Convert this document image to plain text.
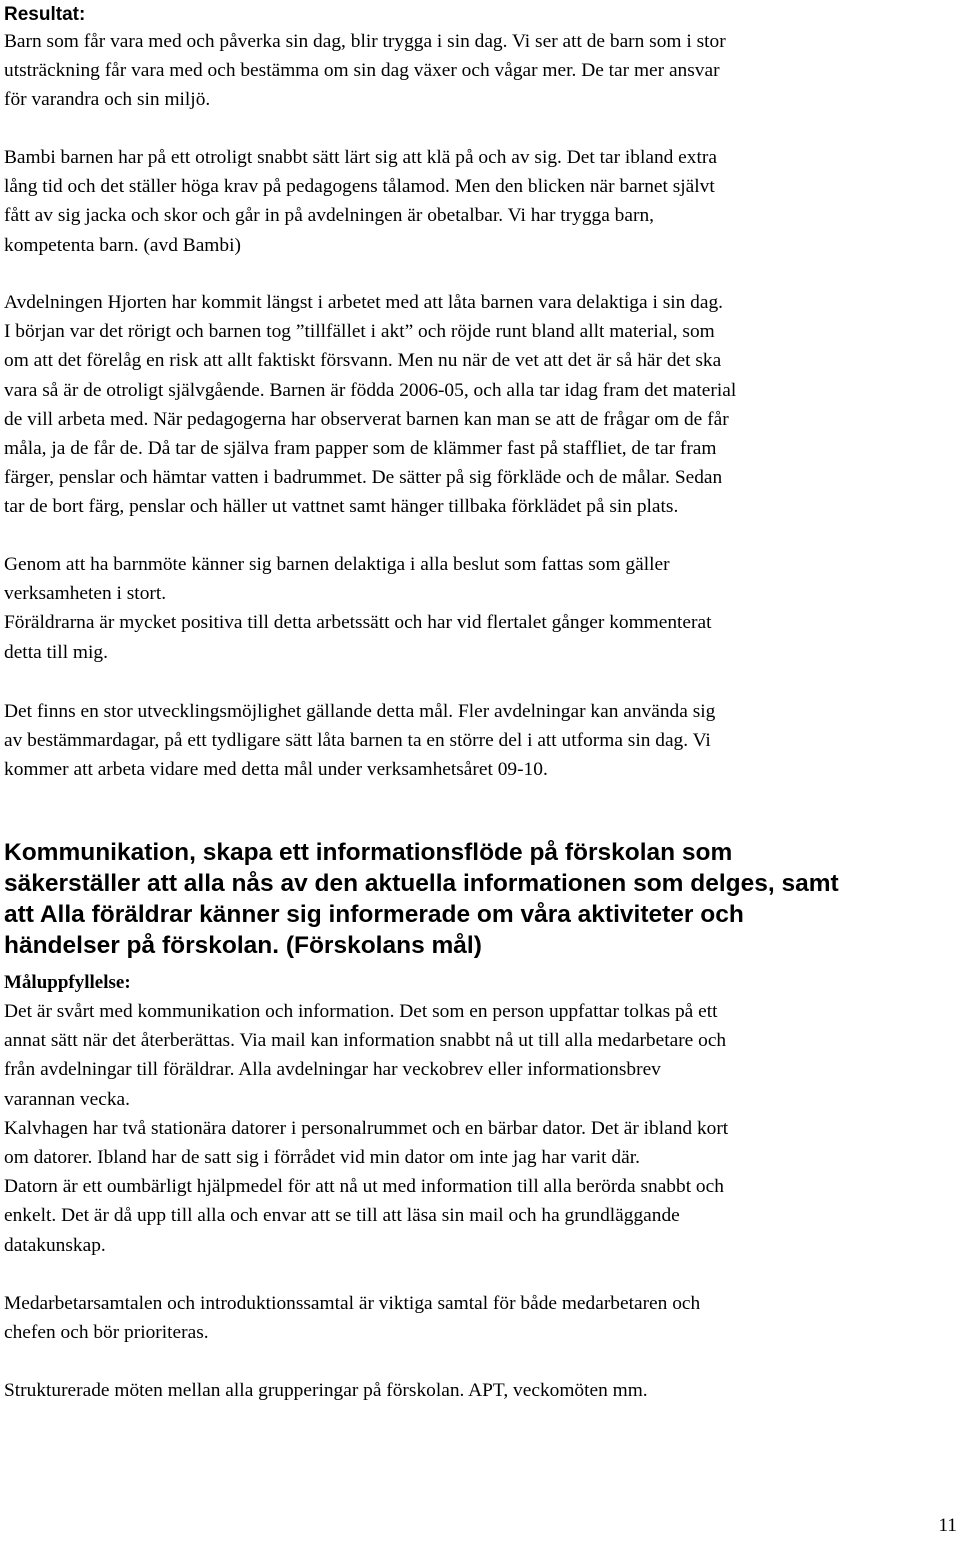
Resultat:
Barn som får vara med och påverka sin dag, blir trygga i sin dag. Vi ser att de barn som i stor
utsträckning får vara med och bestämma om sin dag växer och vågar mer. De tar mer ansvar
för varandra och sin miljö.
Bambi barnen har på ett otroligt snabbt sätt lärt sig att klä på och av sig. Det tar ibland extra
lång tid och det ställer höga krav på pedagogens tålamod. Men den blicken när barnet självt
fått av sig jacka och skor och går in på avdelningen är obetalbar. Vi har trygga barn,
kompetenta barn. (avd Bambi)
Avdelningen Hjorten har kommit längst i arbetet med att låta barnen vara delaktiga i sin dag.
I början var det rörigt och barnen tog ”tillfället i akt” och röjde runt bland allt material, som
om att det förelåg en risk att allt faktiskt försvann. Men nu när de vet att det är så här det ska
vara så är de otroligt självgående. Barnen är födda 2006-05, och alla tar idag fram det material
de vill arbeta med. När pedagogerna har observerat barnen kan man se att de frågar om de får
måla, ja de får de. Då tar de själva fram papper som de klämmer fast på staffliet, de tar fram
färger, penslar och hämtar vatten i badrummet. De sätter på sig förkläde och de målar. Sedan
tar de bort färg, penslar och häller ut vattnet samt hänger tillbaka förklädet på sin plats.
Genom att ha barnmöte känner sig barnen delaktiga i alla beslut som fattas som gäller
verksamheten i stort.
Föräldrarna är mycket positiva till detta arbetssätt och har vid flertalet gånger kommenterat
detta till mig.
Det finns en stor utvecklingsmöjlighet gällande detta mål. Fler avdelningar kan använda sig
av bestämmardagar, på ett tydligare sätt låta barnen ta en större del i att utforma sin dag. Vi
kommer att arbeta vidare med detta mål under verksamhetsåret 09-10.
Kommunikation, skapa ett informationsflöde på förskolan som
säkerställer att alla nås av den aktuella informationen som delges, samt
att Alla föräldrar känner sig informerade om våra aktiviteter och
händelser på förskolan. (Förskolans mål)
Måluppfyllelse:
Det är svårt med kommunikation och information. Det som en person uppfattar tolkas på ett
annat sätt när det återberättas. Via mail kan information snabbt nå ut till alla medarbetare och
från avdelningar till föräldrar. Alla avdelningar har veckobrev eller informationsbrev
varannan vecka.
Kalvhagen har två stationära datorer i personalrummet och en bärbar dator. Det är ibland kort
om datorer. Ibland har de satt sig i förrådet vid min dator om inte jag har varit där.
Datorn är ett oumbärligt hjälpmedel för att nå ut med information till alla berörda snabbt och
enkelt. Det är då upp till alla och envar att se till att läsa sin mail och ha grundläggande
datakunskap.
Medarbetarsamtalen och introduktionssamtal är viktiga samtal för både medarbetaren och
chefen och bör prioriteras.
Strukturerade möten mellan alla grupperingar på förskolan. APT, veckomöten mm.
11
